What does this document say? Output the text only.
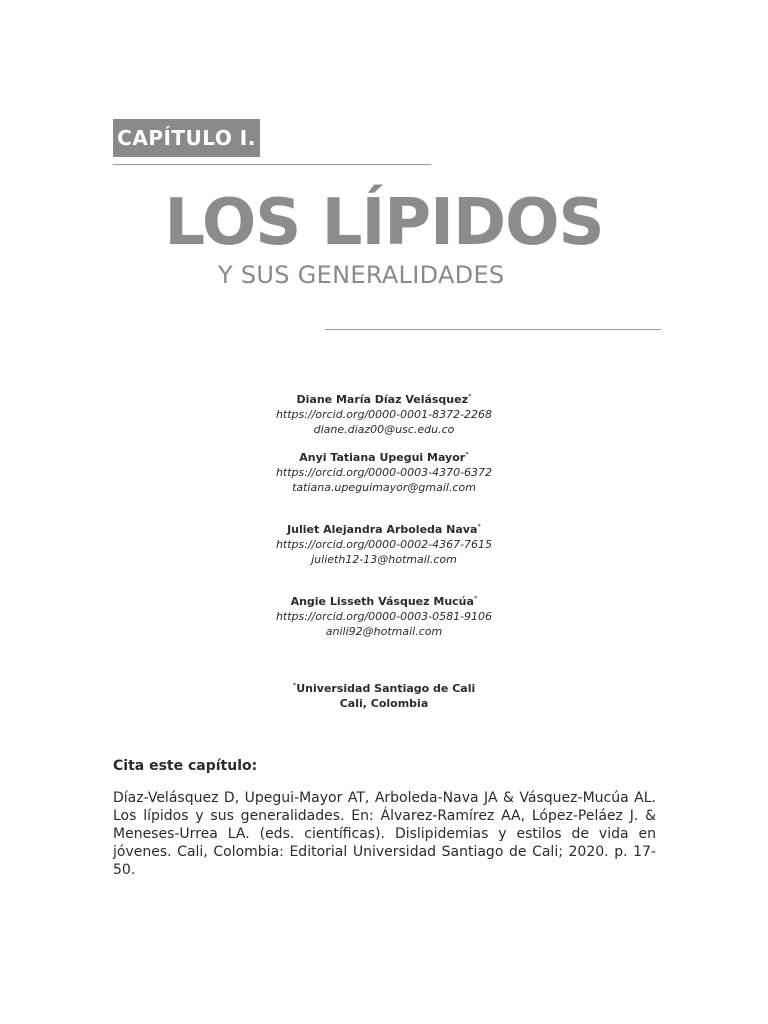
CAPÍTULO I.
LOS LÍPIDOS
Y SUS GENERALIDADES
Diane María Díaz Velásquez*
https://orcid.org/0000-0001-8372-2268
diane.diaz00@usc.edu.co
Anyi Tatiana Upegui Mayor*
https://orcid.org/0000-0003-4370-6372
tatiana.upeguimayor@gmail.com
Juliet Alejandra Arboleda Nava*
https://orcid.org/0000-0002-4367-7615
julieth12-13@hotmail.com
Angie Lisseth Vásquez Mucúa*
https://orcid.org/0000-0003-0581-9106
anili92@hotmail.com
*Universidad Santiago de Cali
Cali, Colombia
Cita este capítulo:
Díaz-Velásquez D, Upegui-Mayor AT, Arboleda-Nava JA & Vásquez-Mucúa AL. Los lípidos y sus generalidades. En: Álvarez-Ramírez AA, López-Peláez J. & Meneses-Urrea LA. (eds. científicas). Dislipidemias y estilos de vida en jóvenes. Cali, Colombia: Editorial Universidad Santiago de Cali; 2020. p. 17-50.
